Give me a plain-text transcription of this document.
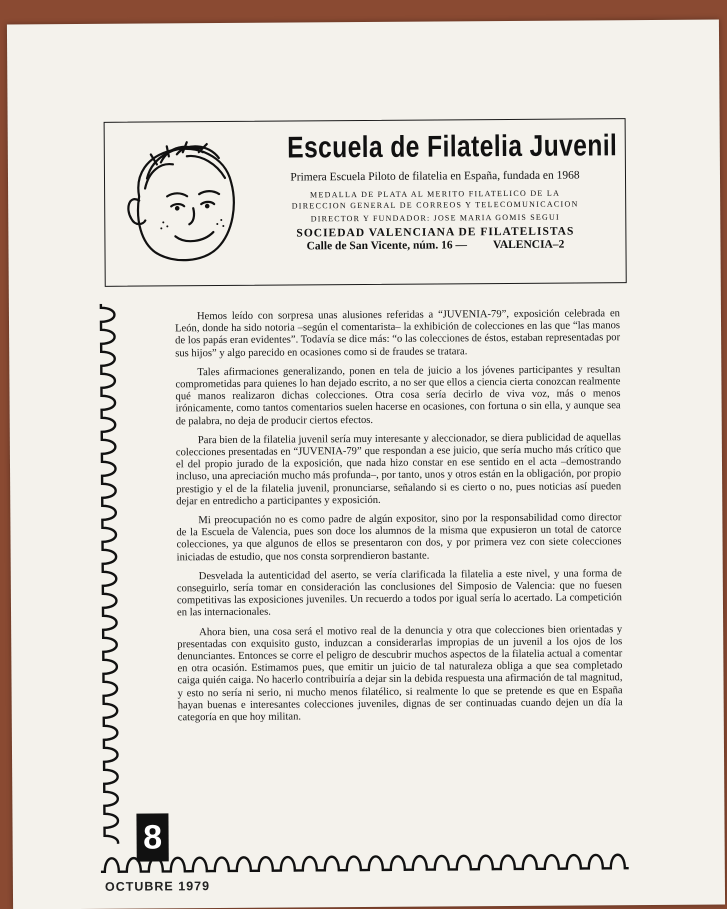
Escuela de Filatelia Juvenil
Primera Escuela Piloto de filatelia en España, fundada en 1968
MEDALLA DE PLATA AL MERITO FILATELICO DE LA
DIRECCION GENERAL DE CORREOS Y TELECOMUNICACION
DIRECTOR Y FUNDADOR: JOSE MARIA GOMIS SEGUI
SOCIEDAD VALENCIANA DE FILATELISTAS
Calle de San Vicente, núm. 16 — VALENCIA–2

Hemos leído con sorpresa unas alusiones referidas a “JUVENIA-79”, exposición celebrada en León, donde ha sido notoria –según el comentarista– la exhibición de colecciones en las que “las manos de los papás eran evidentes”. Todavía se dice más: “o las colecciones de éstos, estaban representadas por sus hijos” y algo parecido en ocasiones como si de fraudes se tratara.

Tales afirmaciones generalizando, ponen en tela de juicio a los jóvenes participantes y resultan comprometidas para quienes lo han dejado escrito, a no ser que ellos a ciencia cierta conozcan realmente qué manos realizaron dichas colecciones. Otra cosa sería decirlo de viva voz, más o menos irónicamente, como tantos comentarios suelen hacerse en ocasiones, con fortuna o sin ella, y aunque sea de palabra, no deja de producir ciertos efectos.

Para bien de la filatelia juvenil sería muy interesante y aleccionador, se diera publicidad de aquellas colecciones presentadas en “JUVENIA-79” que respondan a ese juicio, que sería mucho más crítico que el del propio jurado de la exposición, que nada hizo constar en ese sentido en el acta –demostrando incluso, una apreciación mucho más profunda–, por tanto, unos y otros están en la obligación, por propio prestigio y el de la filatelia juvenil, pronunciarse, señalando si es cierto o no, pues noticias así pueden dejar en entredicho a participantes y exposición.

Mi preocupación no es como padre de algún expositor, sino por la responsabilidad como director de la Escuela de Valencia, pues son doce los alumnos de la misma que expusieron un total de catorce colecciones, ya que algunos de ellos se presentaron con dos, y por primera vez con siete colecciones iniciadas de estudio, que nos consta sorprendieron bastante.

Desvelada la autenticidad del aserto, se vería clarificada la filatelia a este nivel, y una forma de conseguirlo, sería tomar en consideración las conclusiones del Simposio de Valencia: que no fuesen competitivas las exposiciones juveniles. Un recuerdo a todos por igual sería lo acertado. La competición en las internacionales.

Ahora bien, una cosa será el motivo real de la denuncia y otra que colecciones bien orientadas y presentadas con exquisito gusto, induzcan a considerarlas impropias de un juvenil a los ojos de los denunciantes. Entonces se corre el peligro de descubrir muchos aspectos de la filatelia actual a comentar en otra ocasión. Estimamos pues, que emitir un juicio de tal naturaleza obliga a que sea completado caiga quién caiga. No hacerlo contribuiría a dejar sin la debida respuesta una afirmación de tal magnitud, y esto no sería ni serio, ni mucho menos filatélico, si realmente lo que se pretende es que en España hayan buenas e interesantes colecciones juveniles, dignas de ser continuadas cuando dejen un día la categoría en que hoy militan.

8
OCTUBRE 1979
